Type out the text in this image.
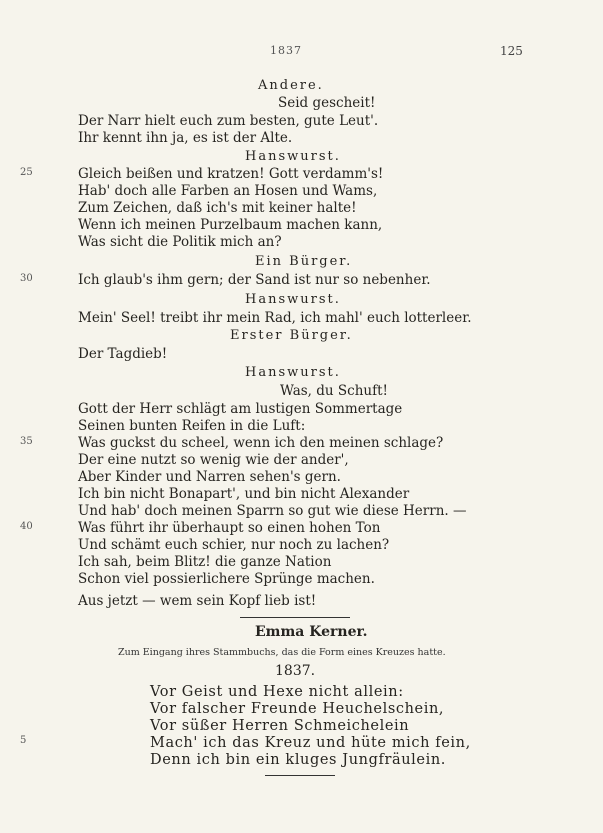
1837	125
Andere.
Seid gescheit!
Der Narr hielt euch zum besten, gute Leut'.
Ihr kennt ihn ja, es ist der Alte.
Hanswurst.
Gleich beißen und kratzen! Gott verdamm's!
Hab' doch alle Farben an Hosen und Wams,
Zum Zeichen, daß ich's mit keiner halte!
Wenn ich meinen Purzelbaum machen kann,
Was sicht die Politik mich an?
Ein Bürger.
Ich glaub's ihm gern; der Sand ist nur so nebenher.
Hanswurst.
Mein' Seel! treibt ihr mein Rad, ich mahl' euch lotterleer.
Erster Bürger.
Der Tagdieb!
Hanswurst.
Was, du Schuft!
Gott der Herr schlägt am lustigen Sommertage
Seinen bunten Reifen in die Luft:
Was guckst du scheel, wenn ich den meinen schlage?
Der eine nutzt so wenig wie der ander',
Aber Kinder und Narren sehen's gern.
Ich bin nicht Bonapart', und bin nicht Alexander
Und hab' doch meinen Sparrn so gut wie diese Herrn. —
Was führt ihr überhaupt so einen hohen Ton
Und schämt euch schier, nur noch zu lachen?
Ich sah, beim Blitz! die ganze Nation
Schon viel possierlichere Sprünge machen.
Aus jetzt — wem sein Kopf lieb ist!
25
30
35
40
5
Emma Kerner.
Zum Eingang ihres Stammbuchs, das die Form eines Kreuzes hatte.
1837.
Vor Geist und Hexe nicht allein:
Vor falscher Freunde Heuchelschein,
Vor süßer Herren Schmeichelein
Mach' ich das Kreuz und hüte mich fein,
Denn ich bin ein kluges Jungfräulein.
